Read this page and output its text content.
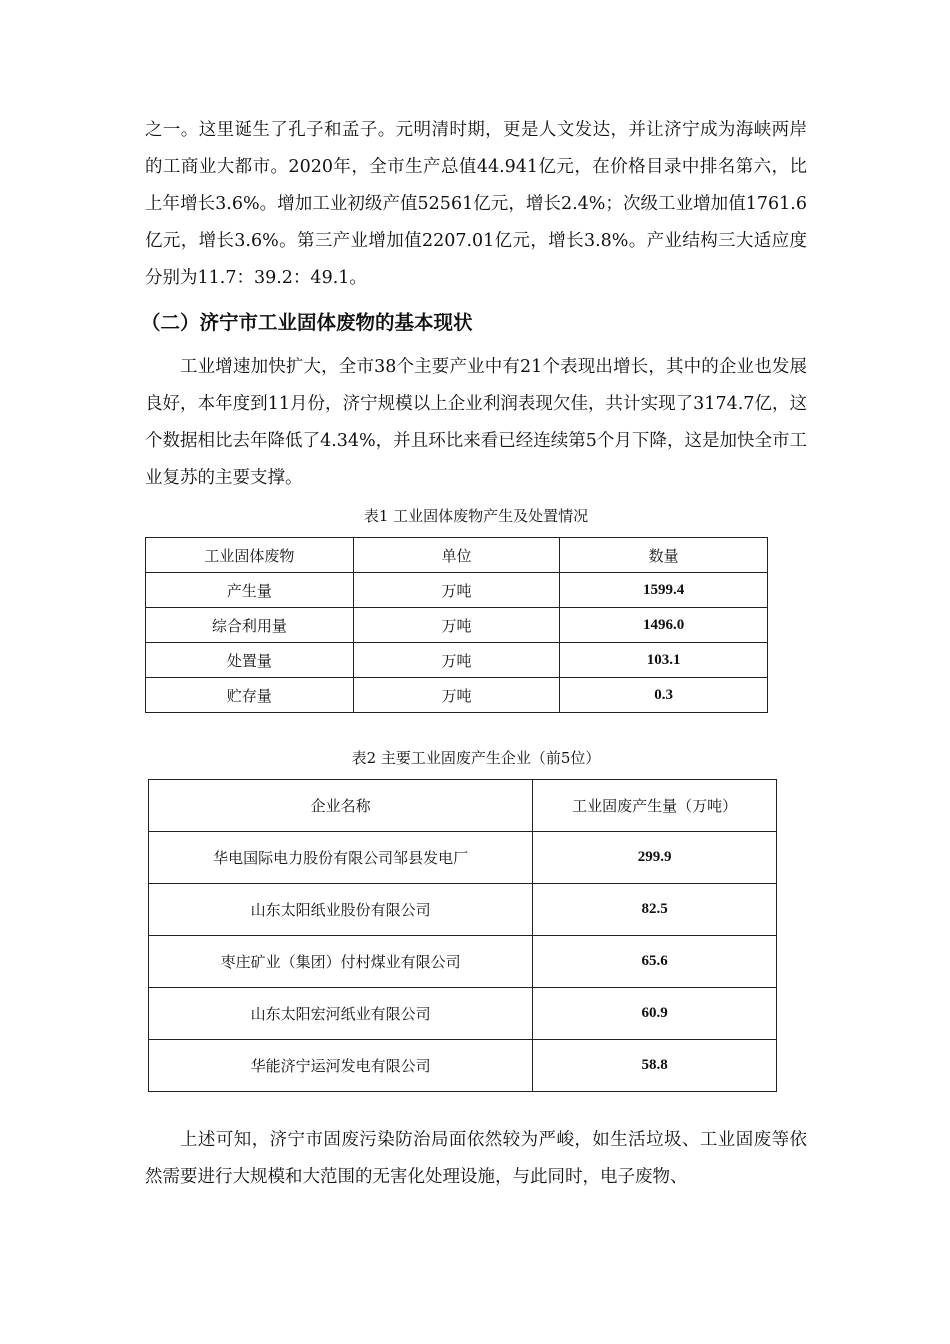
之一。这里诞生了孔子和孟子。元明清时期，更是人文发达，并让济宁成为海峡两岸的工商业大都市。2020年，全市生产总值44.941亿元，在价格目录中排名第六，比上年增长3.6%。增加工业初级产值52561亿元，增长2.4%；次级工业增加值1761.6亿元，增长3.6%。第三产业增加值2207.01亿元，增长3.8%。产业结构三大适应度分别为11.7：39.2：49.1。

（二）济宁市工业固体废物的基本现状

工业增速加快扩大，全市38个主要产业中有21个表现出增长，其中的企业也发展良好，本年度到11月份，济宁规模以上企业利润表现欠佳，共计实现了3174.7亿，这个数据相比去年降低了4.34%，并且环比来看已经连续第5个月下降，这是加快全市工业复苏的主要支撑。

表1 工业固体废物产生及处置情况
工业固体废物	单位	数量
产生量	万吨	1599.4
综合利用量	万吨	1496.0
处置量	万吨	103.1
贮存量	万吨	0.3
表2 主要工业固废产生企业（前5位）
企业名称	工业固废产生量（万吨）
华电国际电力股份有限公司邹县发电厂	299.9
山东太阳纸业股份有限公司	82.5
枣庄矿业（集团）付村煤业有限公司	65.6
山东太阳宏河纸业有限公司	60.9
华能济宁运河发电有限公司	58.8

上述可知，济宁市固废污染防治局面依然较为严峻，如生活垃圾、工业固废等依然需要进行大规模和大范围的无害化处理设施，与此同时，电子废物、
